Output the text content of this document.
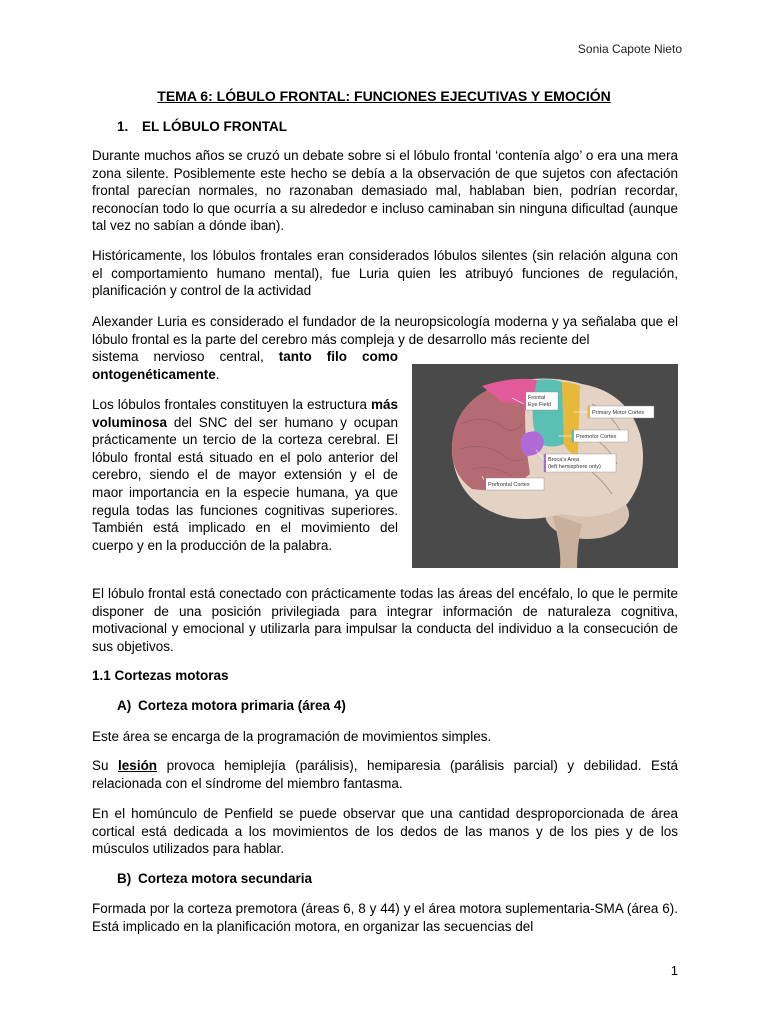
Sonia Capote Nieto
TEMA 6: LÓBULO FRONTAL: FUNCIONES EJECUTIVAS Y EMOCIÓN
1. EL LÓBULO FRONTAL

Durante muchos años se cruzó un debate sobre si el lóbulo frontal ‘contenía algo’ o era una mera zona silente. Posiblemente este hecho se debía a la observación de que sujetos con afectación frontal parecían normales, no razonaban demasiado mal, hablaban bien, podrían recordar, reconocían todo lo que ocurría a su alrededor e incluso caminaban sin ninguna dificultad (aunque tal vez no sabían a dónde iban).

Históricamente, los lóbulos frontales eran considerados lóbulos silentes (sin relación alguna con el comportamiento humano mental), fue Luria quien les atribuyó funciones de regulación, planificación y control de la actividad

Alexander Luria es considerado el fundador de la neuropsicología moderna y ya señalaba que el lóbulo frontal es la parte del cerebro más compleja y de desarrollo más reciente del

sistema nervioso central, tanto filo como ontogenéticamente.

Los lóbulos frontales constituyen la estructura más voluminosa del SNC del ser humano y ocupan prácticamente un tercio de la corteza cerebral. El lóbulo frontal está situado en el polo anterior del cerebro, siendo el de mayor extensión y el de maor importancia en la especie humana, ya que regula todas las funciones cognitivas superiores. También está implicado en el movimiento del cuerpo y en la producción de la palabra.

Frontal
Eye Field
Primary Motor Cortex
Premotor Cortex
Broca's Area
(left hemisphere only)
Prefrontal Cortex

El lóbulo frontal está conectado con prácticamente todas las áreas del encéfalo, lo que le permite disponer de una posición privilegiada para integrar información de naturaleza cognitiva, motivacional y emocional y utilizarla para impulsar la conducta del individuo a la consecución de sus objetivos.

1.1 Cortezas motoras
A) Corteza motora primaria (área 4)

Este área se encarga de la programación de movimientos simples.

Su lesión provoca hemiplejía (parálisis), hemiparesia (parálisis parcial) y debilidad. Está relacionada con el síndrome del miembro fantasma.

En el homúnculo de Penfield se puede observar que una cantidad desproporcionada de área cortical está dedicada a los movimientos de los dedos de las manos y de los pies y de los músculos utilizados para hablar.

B) Corteza motora secundaria

Formada por la corteza premotora (áreas 6, 8 y 44) y el área motora suplementaria-SMA (área 6). Está implicado en la planificación motora, en organizar las secuencias del

1
